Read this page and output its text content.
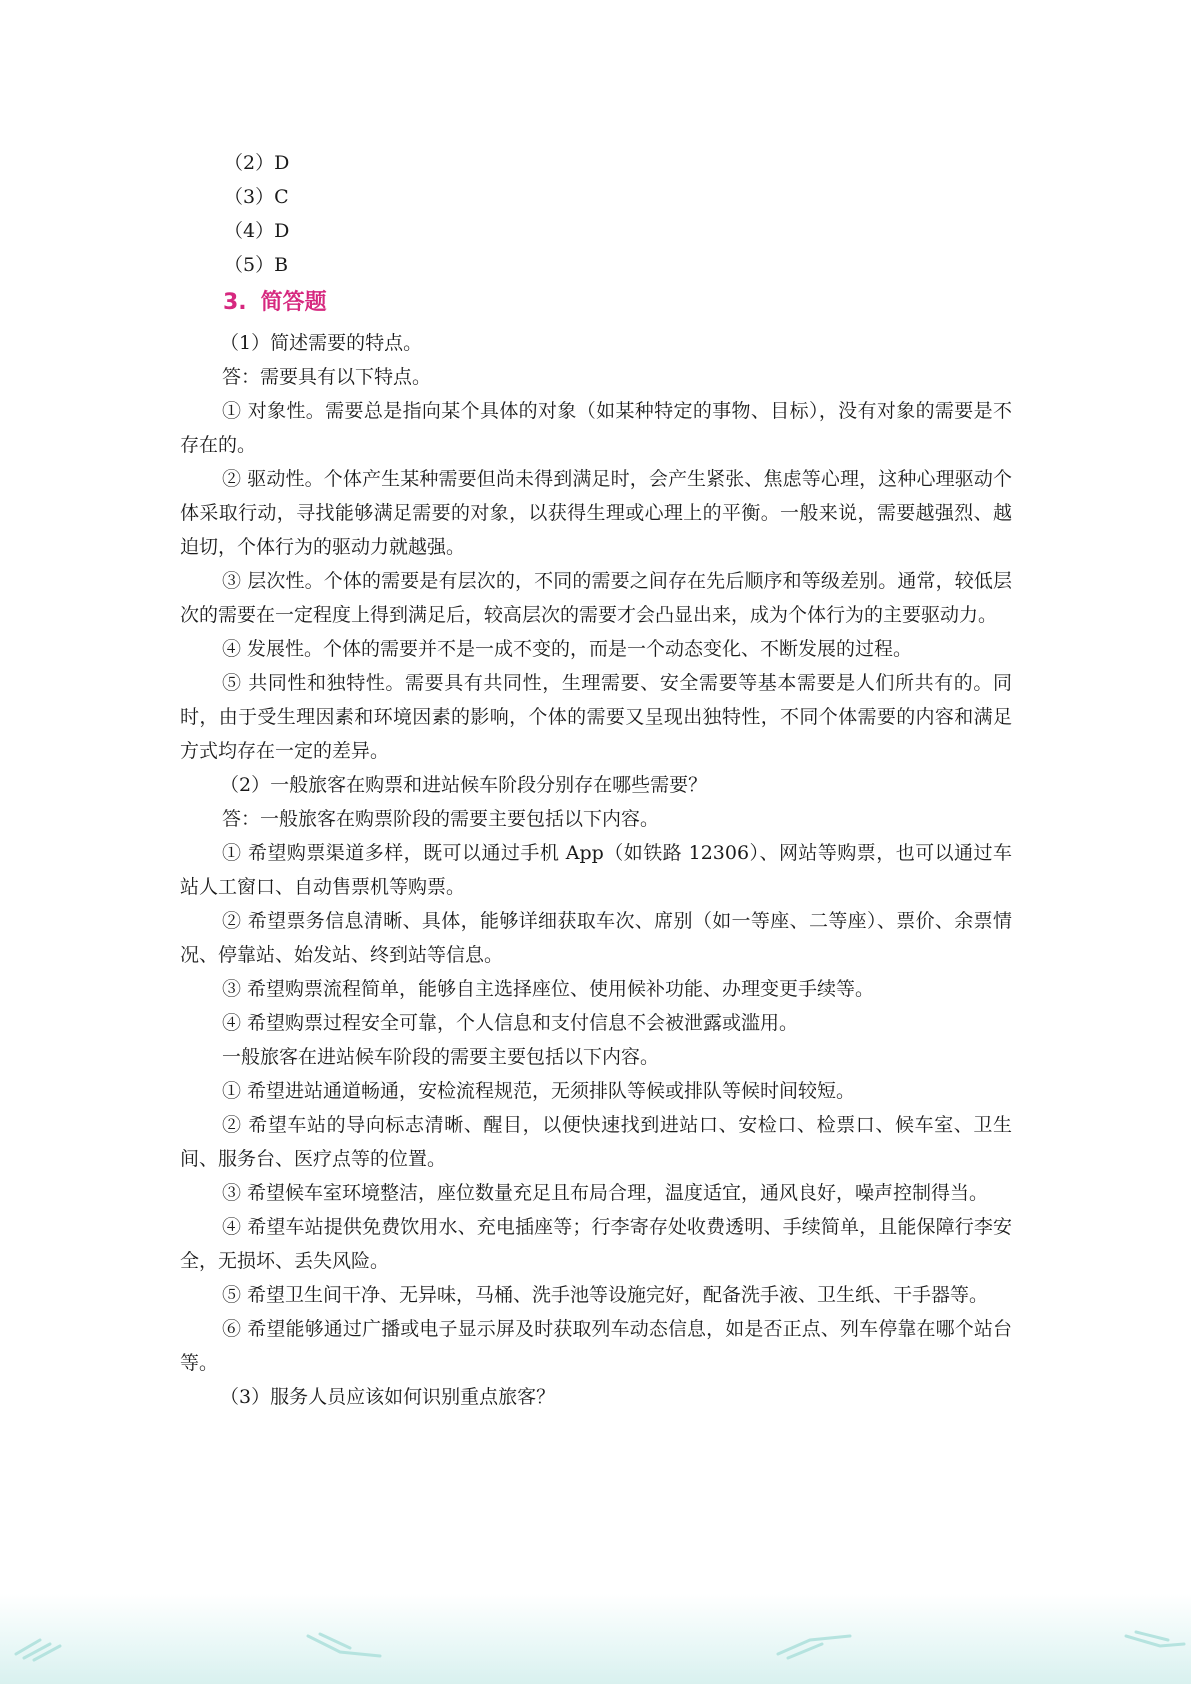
（2）D

（3）C

（4）D

（5）B

3. 简答题

（1）简述需要的特点。

答：需要具有以下特点。

① 对象性。需要总是指向某个具体的对象（如某种特定的事物、目标），没有对象的需要是不存在的。

② 驱动性。个体产生某种需要但尚未得到满足时，会产生紧张、焦虑等心理，这种心理驱动个体采取行动，寻找能够满足需要的对象，以获得生理或心理上的平衡。一般来说，需要越强烈、越迫切，个体行为的驱动力就越强。

③ 层次性。个体的需要是有层次的，不同的需要之间存在先后顺序和等级差别。通常，较低层次的需要在一定程度上得到满足后，较高层次的需要才会凸显出来，成为个体行为的主要驱动力。

④ 发展性。个体的需要并不是一成不变的，而是一个动态变化、不断发展的过程。

⑤ 共同性和独特性。需要具有共同性，生理需要、安全需要等基本需要是人们所共有的。同时，由于受生理因素和环境因素的影响，个体的需要又呈现出独特性，不同个体需要的内容和满足方式均存在一定的差异。

（2）一般旅客在购票和进站候车阶段分别存在哪些需要？

答：一般旅客在购票阶段的需要主要包括以下内容。

① 希望购票渠道多样，既可以通过手机 App（如铁路 12306）、网站等购票，也可以通过车站人工窗口、自动售票机等购票。

② 希望票务信息清晰、具体，能够详细获取车次、席别（如一等座、二等座）、票价、余票情况、停靠站、始发站、终到站等信息。

③ 希望购票流程简单，能够自主选择座位、使用候补功能、办理变更手续等。

④ 希望购票过程安全可靠，个人信息和支付信息不会被泄露或滥用。

一般旅客在进站候车阶段的需要主要包括以下内容。

① 希望进站通道畅通，安检流程规范，无须排队等候或排队等候时间较短。

② 希望车站的导向标志清晰、醒目，以便快速找到进站口、安检口、检票口、候车室、卫生间、服务台、医疗点等的位置。

③ 希望候车室环境整洁，座位数量充足且布局合理，温度适宜，通风良好，噪声控制得当。

④ 希望车站提供免费饮用水、充电插座等；行李寄存处收费透明、手续简单，且能保障行李安全，无损坏、丢失风险。

⑤ 希望卫生间干净、无异味，马桶、洗手池等设施完好，配备洗手液、卫生纸、干手器等。

⑥ 希望能够通过广播或电子显示屏及时获取列车动态信息，如是否正点、列车停靠在哪个站台等。

（3）服务人员应该如何识别重点旅客？
